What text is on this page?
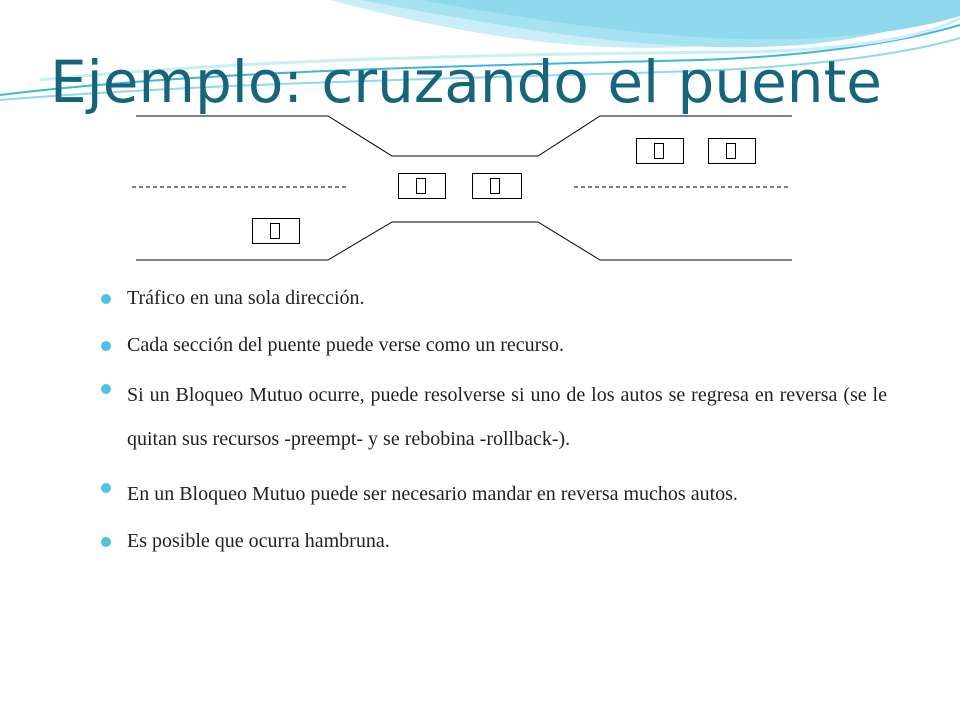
Ejemplo: cruzando el puente
Tráfico en una sola dirección.
Cada sección del puente puede verse como un recurso.
Si un Bloqueo Mutuo ocurre, puede resolverse si uno de los autos se regresa en reversa (se le quitan sus recursos -preempt- y se rebobina -rollback-).
En un Bloqueo Mutuo puede ser necesario mandar en reversa muchos autos.
Es posible que ocurra hambruna.
